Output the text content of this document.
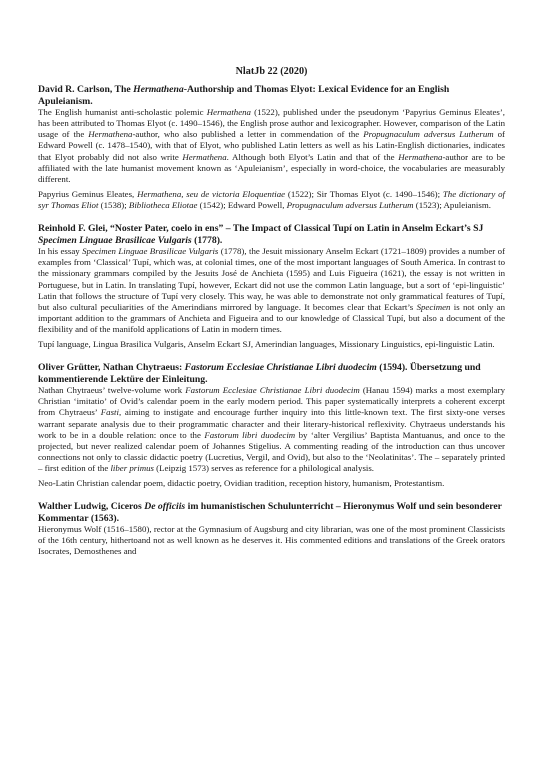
NlatJb 22 (2020)

David R. Carlson, The Hermathena-Authorship and Thomas Elyot: Lexical Evidence for an English Apuleianism.

The English humanist anti-scholastic polemic Hermathena (1522), published under the pseudonym ‘Papyrius Geminus Eleates’, has been attributed to Thomas Elyot (c. 1490–1546), the English prose author and lexicographer. However, comparison of the Latin usage of the Hermathena-author, who also published a letter in commendation of the Propugnaculum adversus Lutherum of Edward Powell (c. 1478–1540), with that of Elyot, who published Latin letters as well as his Latin-English dictionaries, indicates that Elyot probably did not also write Hermathena. Although both Elyot’s Latin and that of the Hermathena-author are to be affiliated with the late humanist movement known as ‘Apuleianism’, especially in word-choice, the vocabularies are measurably different.

Papyrius Geminus Eleates, Hermathena, seu de victoria Eloquentiae (1522); Sir Thomas Elyot (c. 1490–1546); The dictionary of syr Thomas Eliot (1538); Bibliotheca Eliotae (1542); Edward Powell, Propugnaculum adversus Lutherum (1523); Apuleianism.

Reinhold F. Glei, “Noster Pater, coelo in ens” – The Impact of Classical Tupí on Latin in Anselm Eckart’s SJ Specimen Linguae Brasilicae Vulgaris (1778).

In his essay Specimen Linguae Brasilicae Vulgaris (1778), the Jesuit missionary Anselm Eckart (1721–1809) provides a number of examples from ‘Classical’ Tupí, which was, at colonial times, one of the most important languages of South America. In contrast to the missionary grammars compiled by the Jesuits José de Anchieta (1595) and Luis Figueira (1621), the essay is not written in Portuguese, but in Latin. In translating Tupí, however, Eckart did not use the common Latin language, but a sort of ‘epi-linguistic’ Latin that follows the structure of Tupí very closely. This way, he was able to demonstrate not only grammatical features of Tupí, but also cultural peculiarities of the Amerindians mirrored by language. It becomes clear that Eckart’s Specimen is not only an important addition to the grammars of Anchieta and Figueira and to our knowledge of Classical Tupí, but also a document of the flexibility and of the manifold applications of Latin in modern times.

Tupí language, Lingua Brasilica Vulgaris, Anselm Eckart SJ, Amerindian languages, Missionary Linguistics, epi-linguistic Latin.

Oliver Grütter, Nathan Chytraeus: Fastorum Ecclesiae Christianae Libri duodecim (1594). Übersetzung und kommentierende Lektüre der Einleitung.

Nathan Chytraeus’ twelve-volume work Fastorum Ecclesiae Christianae Libri duodecim (Hanau 1594) marks a most exemplary Christian ‘imitatio’ of Ovid’s calendar poem in the early modern period. This paper systematically interprets a coherent excerpt from Chytraeus’ Fasti, aiming to instigate and encourage further inquiry into this little-known text. The first sixty-one verses warrant separate analysis due to their programmatic character and their literary-historical reflexivity. Chytraeus understands his work to be in a double relation: once to the Fastorum libri duodecim by ‘alter Vergilius’ Baptista Mantuanus, and once to the projected, but never realized calendar poem of Johannes Stigelius. A commenting reading of the introduction can thus uncover connections not only to classic didactic poetry (Lucretius, Vergil, and Ovid), but also to the ‘Neolatinitas’. The – separately printed – first edition of the liber primus (Leipzig 1573) serves as reference for a philological analysis.

Neo-Latin Christian calendar poem, didactic poetry, Ovidian tradition, reception history, humanism, Protestantism.

Walther Ludwig, Ciceros De officiis im humanistischen Schulunterricht – Hieronymus Wolf und sein besonderer Kommentar (1563).

Hieronymus Wolf (1516–1580), rector at the Gymnasium of Augsburg and city librarian, was one of the most prominent Classicists of the 16th century, hithertoand not as well known as he deserves it. His commented editions and translations of the Greek orators Isocrates, Demosthenes and
